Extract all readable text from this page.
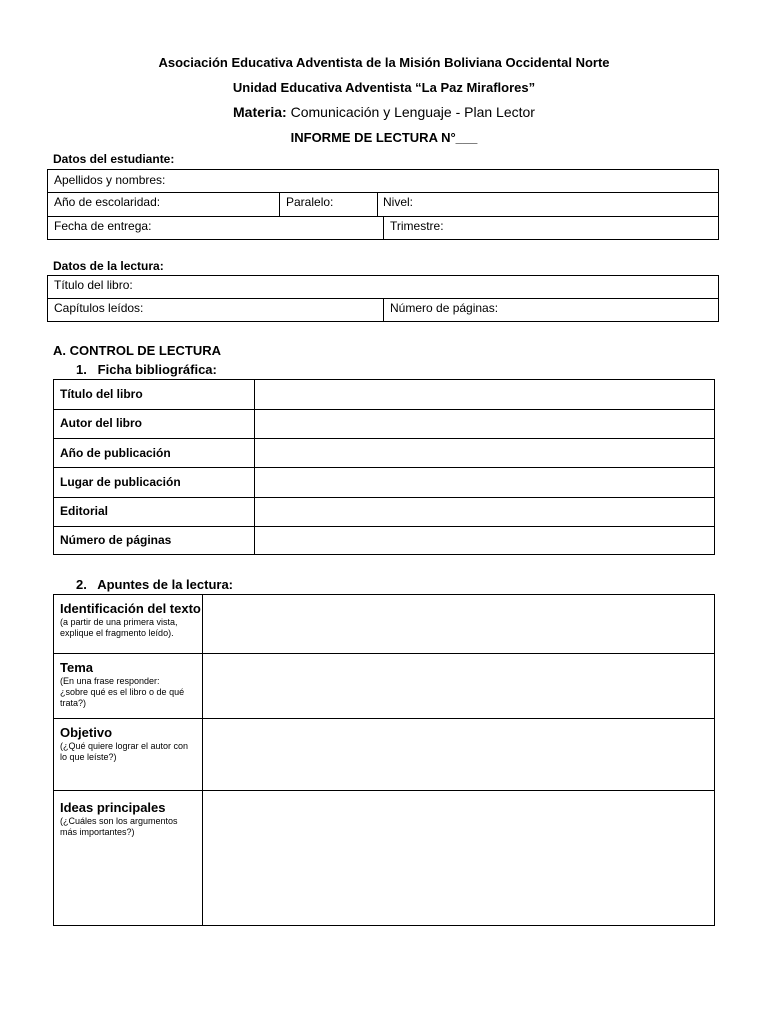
Asociación Educativa Adventista de la Misión Boliviana Occidental Norte
Unidad Educativa Adventista “La Paz Miraflores”
Materia: Comunicación y Lenguaje - Plan Lector
INFORME DE LECTURA N°___
Datos del estudiante:
Apellidos y nombres:
Año de escolaridad:	Paralelo:	Nivel:
Fecha de entrega:	Trimestre:
Datos de la lectura:
Título del libro:
Capítulos leídos:	Número de páginas:
A. CONTROL DE LECTURA
1.   Ficha bibliográfica:
Título del libro
Autor del libro
Año de publicación
Lugar de publicación
Editorial
Número de páginas
2.   Apuntes de la lectura:
Identificación del texto
(a partir de una primera vista, explique el fragmento leído).
Tema
(En una frase responder: ¿sobre qué es el libro o de qué trata?)
Objetivo
(¿Qué quiere lograr el autor con lo que leíste?)
Ideas principales
(¿Cuáles son los argumentos más importantes?)
